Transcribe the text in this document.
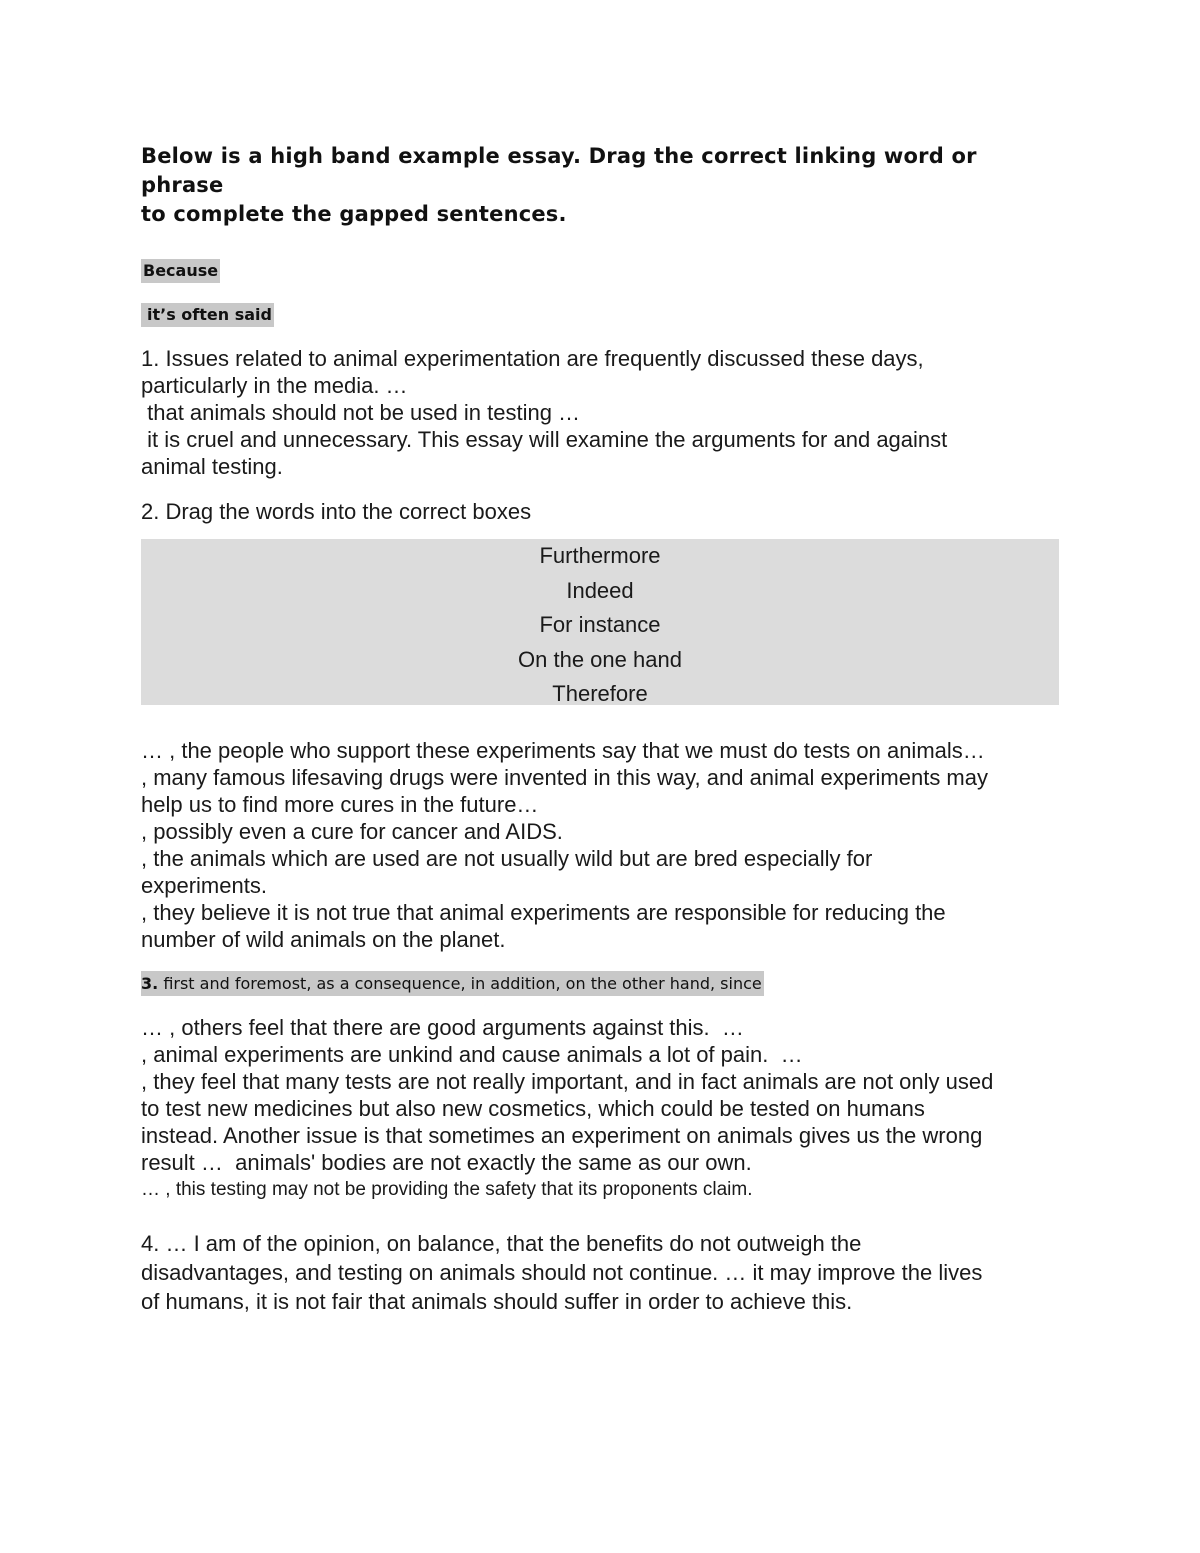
Below is a high band example essay. Drag the correct linking word or phrase
to complete the gapped sentences.
Because
it’s often said
1. Issues related to animal experimentation are frequently discussed these days,
particularly in the media. …
that animals should not be used in testing …
it is cruel and unnecessary. This essay will examine the arguments for and against
animal testing.
2. Drag the words into the correct boxes
Furthermore
Indeed
For instance
On the one hand
Therefore
… , the people who support these experiments say that we must do tests on animals…
, many famous lifesaving drugs were invented in this way, and animal experiments may
help us to find more cures in the future…
, possibly even a cure for cancer and AIDS.
, the animals which are used are not usually wild but are bred especially for
experiments.
, they believe it is not true that animal experiments are responsible for reducing the
number of wild animals on the planet.
3. first and foremost, as a consequence, in addition, on the other hand, since
… , others feel that there are good arguments against this.  …
, animal experiments are unkind and cause animals a lot of pain.  …
, they feel that many tests are not really important, and in fact animals are not only used
to test new medicines but also new cosmetics, which could be tested on humans
instead. Another issue is that sometimes an experiment on animals gives us the wrong
result …  animals' bodies are not exactly the same as our own.
… , this testing may not be providing the safety that its proponents claim.
4. … I am of the opinion, on balance, that the benefits do not outweigh the
disadvantages, and testing on animals should not continue. … it may improve the lives
of humans, it is not fair that animals should suffer in order to achieve this.
